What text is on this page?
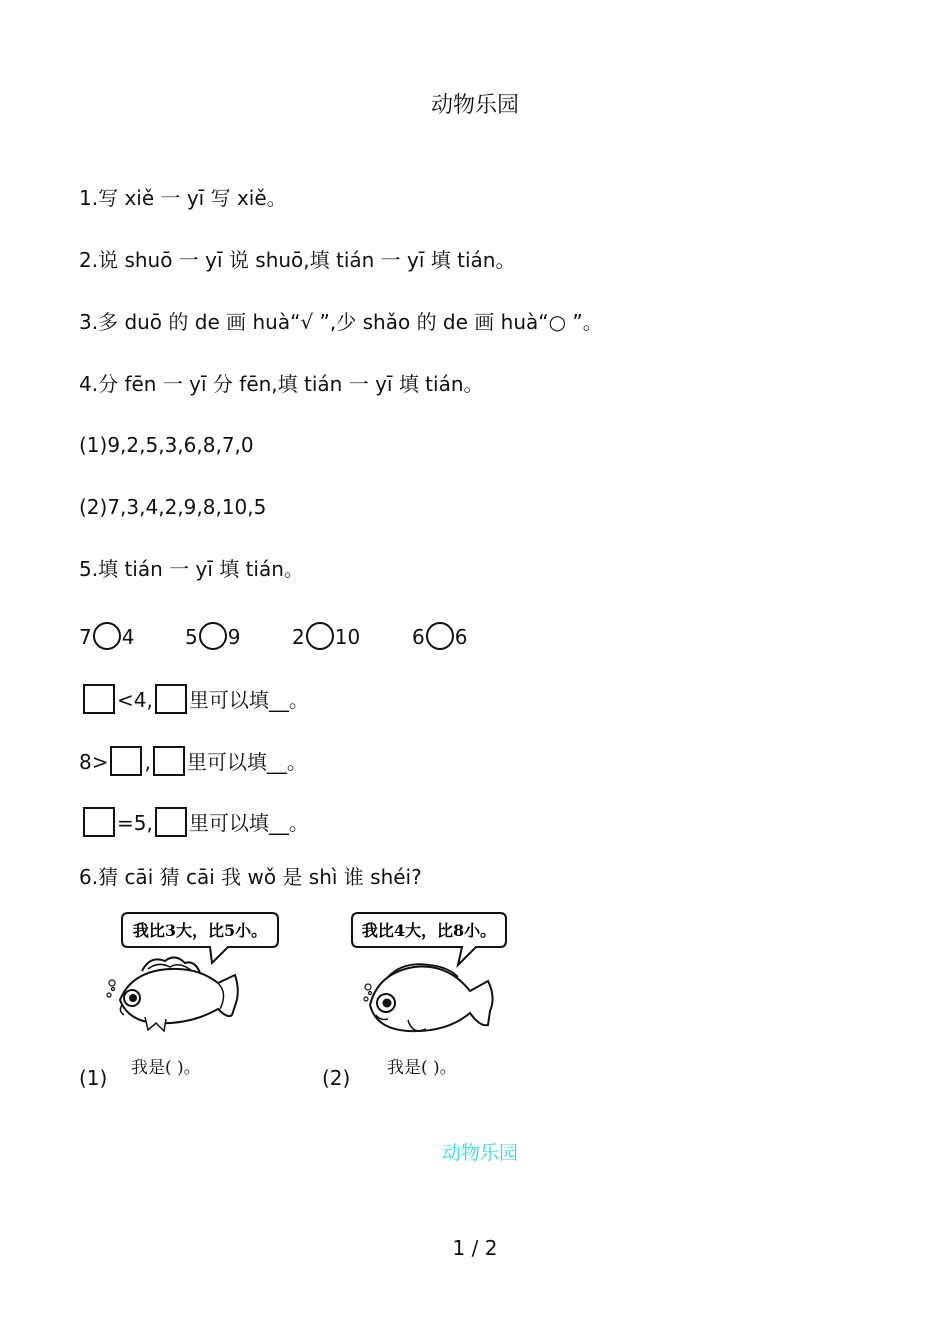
动物乐园
1.写 xiě 一 yī 写 xiě。
2.说 shuō 一 yī 说 shuō,填 tián 一 yī 填 tián。
3.多 duō 的 de 画 huà“√ ”,少 shǎo 的 de 画 huà“○ ”。
4.分 fēn 一 yī 分 fēn,填 tián 一 yī 填 tián。
(1)9,2,5,3,6,8,7,0
(2)7,3,4,2,9,8,10,5
5.填 tián 一 yī 填 tián。
7 4	5 9	2 10	6 6
<4, 里可以填__。
8> , 里可以填__。
=5, 里可以填__。
6.猜 cāi 猜 cāi 我 wǒ 是 shì 谁 shéi?
我比3大，比5小。
我是( )。
(1)
我比4大，比8小。
我是( )。
(2)
动物乐园
1 / 2
